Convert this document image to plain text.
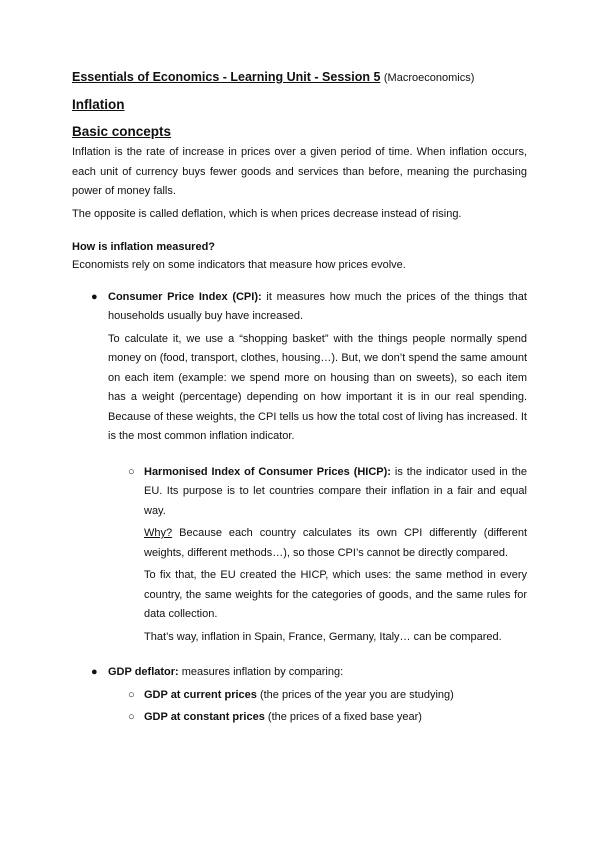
Essentials of Economics - Learning Unit - Session 5 (Macroeconomics)
Inflation
Basic concepts

Inflation is the rate of increase in prices over a given period of time. When inflation occurs, each unit of currency buys fewer goods and services than before, meaning the purchasing power of money falls.

The opposite is called deflation, which is when prices decrease instead of rising.

How is inflation measured?

Economists rely on some indicators that measure how prices evolve.

● Consumer Price Index (CPI): it measures how much the prices of the things that households usually buy have increased.

To calculate it, we use a “shopping basket” with the things people normally spend money on (food, transport, clothes, housing…). But, we don’t spend the same amount on each item (example: we spend more on housing than on sweets), so each item has a weight (percentage) depending on how important it is in our real spending. Because of these weights, the CPI tells us how the total cost of living has increased. It is the most common inflation indicator.

○ Harmonised Index of Consumer Prices (HICP): is the indicator used in the EU. Its purpose is to let countries compare their inflation in a fair and equal way.

Why? Because each country calculates its own CPI differently (different weights, different methods…), so those CPI’s cannot be directly compared.

To fix that, the EU created the HICP, which uses: the same method in every country, the same weights for the categories of goods, and the same rules for data collection.

That’s way, inflation in Spain, France, Germany, Italy… can be compared.

● GDP deflator: measures inflation by comparing:
○ GDP at current prices (the prices of the year you are studying)
○ GDP at constant prices (the prices of a fixed base year)
